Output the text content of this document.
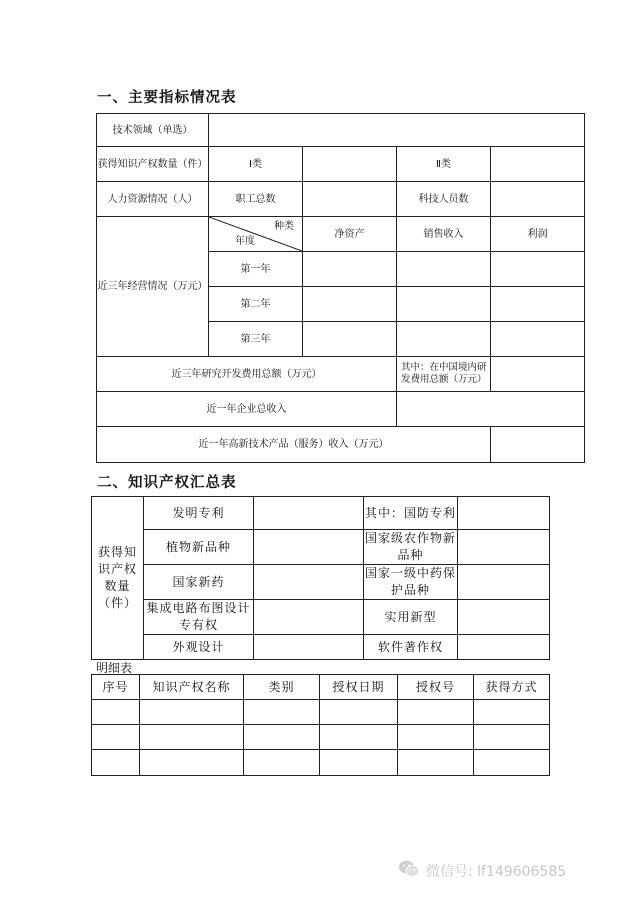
一、主要指标情况表
技术领域（单选）				
获得知识产权数量（件）	Ⅰ类		Ⅱ类	
人力资源情况（人）	职工总数		科技人员数	
近三年经营情况（万元）	种类
年度	净资产	销售收入	利润
	第一年			
	第二年			
	第三年			
近三年研究开发费用总额（万元）			其中：在中国境内研发费用总额（万元）	
近一年企业总收入				
近一年高新技术产品（服务）收入（万元）				
二、知识产权汇总表
获得知识产权数量（件）	发明专利		其中：国防专利	
	植物新品种		国家级农作物新品种	
	国家新药		国家一级中药保护品种	
	集成电路布图设计专有权		实用新型	
	外观设计		软件著作权	
明细表
序号	知识产权名称	类别	授权日期	授权号	获得方式

微信号: lf149606585
